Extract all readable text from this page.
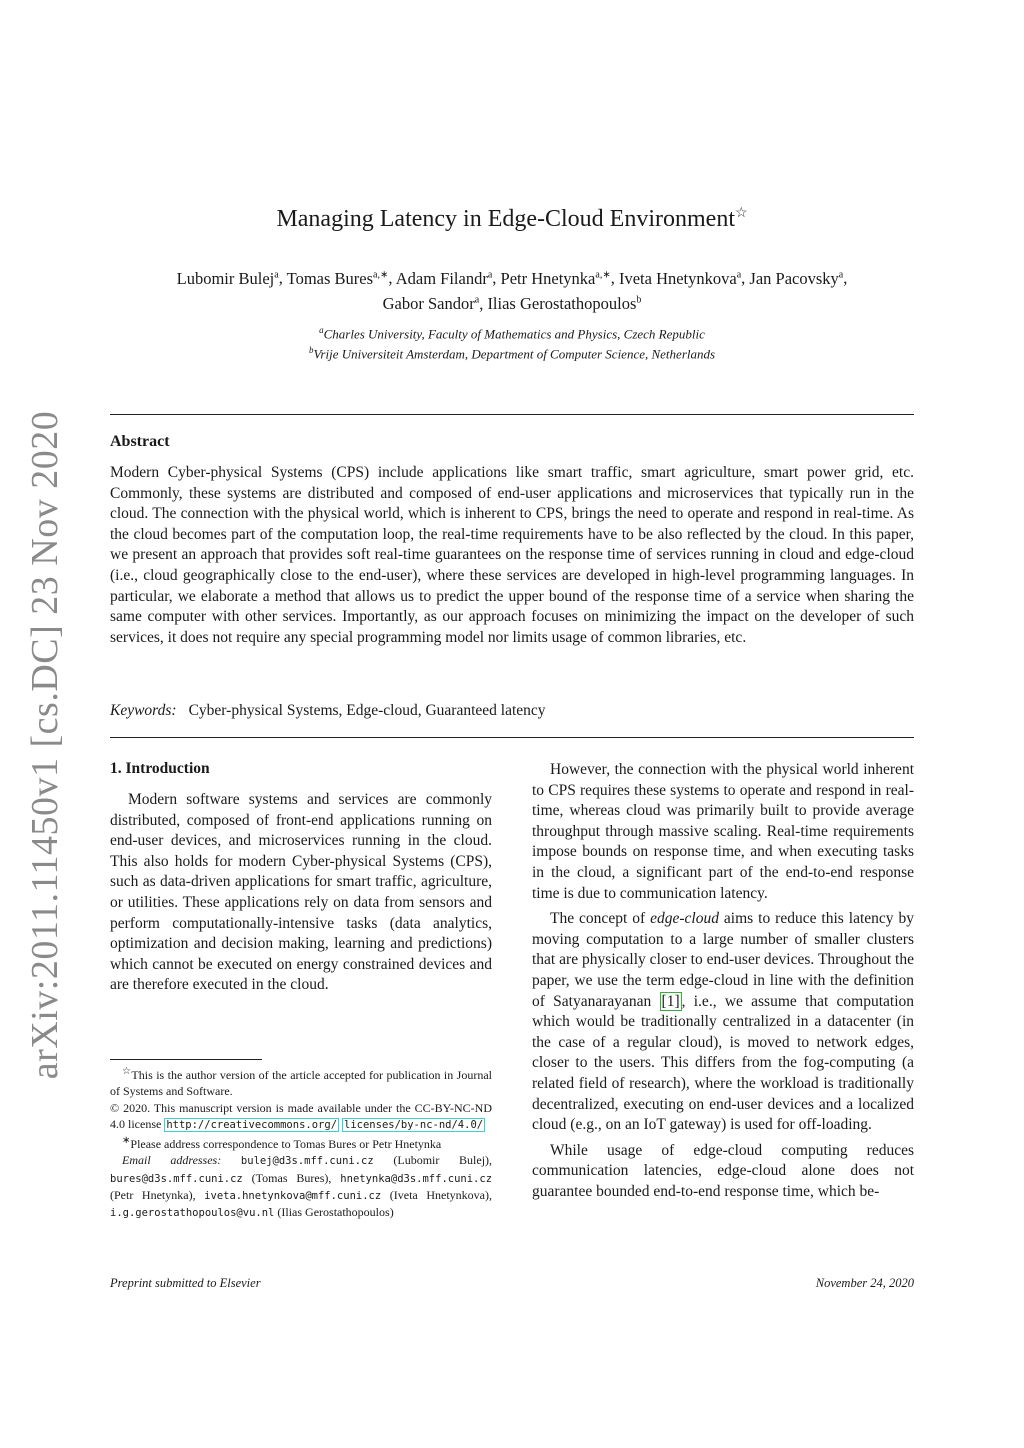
arXiv:2011.11450v1 [cs.DC] 23 Nov 2020
Managing Latency in Edge-Cloud Environment☆
Lubomir Bulej$^a$, Tomas Bures$^{a,∗}$, Adam Filandr$^a$, Petr Hnetynka$^{a,∗}$, Iveta Hnetynkova$^a$, Jan Pacovsky$^a$,
Gabor Sandor$^a$, Ilias Gerostathopoulos$^b$
$^a$Charles University, Faculty of Mathematics and Physics, Czech Republic
$^b$Vrije Universiteit Amsterdam, Department of Computer Science, Netherlands
Abstract
Modern Cyber-physical Systems (CPS) include applications like smart traffic, smart agriculture, smart power grid, etc. Commonly, these systems are distributed and composed of end-user applications and microservices that typically run in the cloud. The connection with the physical world, which is inherent to CPS, brings the need to operate and respond in real-time. As the cloud becomes part of the computation loop, the real-time requirements have to be also reflected by the cloud. In this paper, we present an approach that provides soft real-time guarantees on the response time of services running in cloud and edge-cloud (i.e., cloud geographically close to the end-user), where these services are developed in high-level programming languages. In particular, we elaborate a method that allows us to predict the upper bound of the response time of a service when sharing the same computer with other services. Importantly, as our approach focuses on minimizing the impact on the developer of such services, it does not require any special programming model nor limits usage of common libraries, etc.
Keywords: Cyber-physical Systems, Edge-cloud, Guaranteed latency
1. Introduction

Modern software systems and services are commonly distributed, composed of front-end applications running on end-user devices, and microservices running in the cloud. This also holds for modern Cyber-physical Systems (CPS), such as data-driven applications for smart traffic, agriculture, or utilities. These applications rely on data from sensors and perform computationally-intensive tasks (data analytics, optimization and decision making, learning and predictions) which cannot be executed on energy constrained devices and are therefore executed in the cloud.

However, the connection with the physical world inherent to CPS requires these systems to operate and respond in real-time, whereas cloud was primarily built to provide average throughput through massive scaling. Real-time requirements impose bounds on response time, and when executing tasks in the cloud, a significant part of the end-to-end response time is due to communication latency.

The concept of edge-cloud aims to reduce this latency by moving computation to a large number of smaller clusters that are physically closer to end-user devices. Throughout the paper, we use the term edge-cloud in line with the definition of Satyanarayanan [1] , i.e., we assume that computation which would be traditionally centralized in a datacenter (in the case of a regular cloud), is moved to network edges, closer to the users. This differs from the fog-computing (a related field of research), where the workload is traditionally decentralized, executing on end-user devices and a localized cloud (e.g., on an IoT gateway) is used for off-loading.

While usage of edge-cloud computing reduces communication latencies, edge-cloud alone does not guarantee bounded end-to-end response time, which be-

☆This is the author version of the article accepted for publication in Journal of Systems and Software.

© 2020. This manuscript version is made available under the CC-BY-NC-ND 4.0 license http://creativecommons.org/ licenses/by-nc-nd/4.0/

∗Please address correspondence to Tomas Bures or Petr Hnetynka

Email addresses: bulej@d3s.mff.cuni.cz (Lubomir Bulej), bures@d3s.mff.cuni.cz (Tomas Bures), hnetynka@d3s.mff.cuni.cz (Petr Hnetynka), iveta.hnetynkova@mff.cuni.cz (Iveta Hnetynkova), i.g.gerostathopoulos@vu.nl (Ilias Gerostathopoulos)

Preprint submitted to Elsevier	November 24, 2020
